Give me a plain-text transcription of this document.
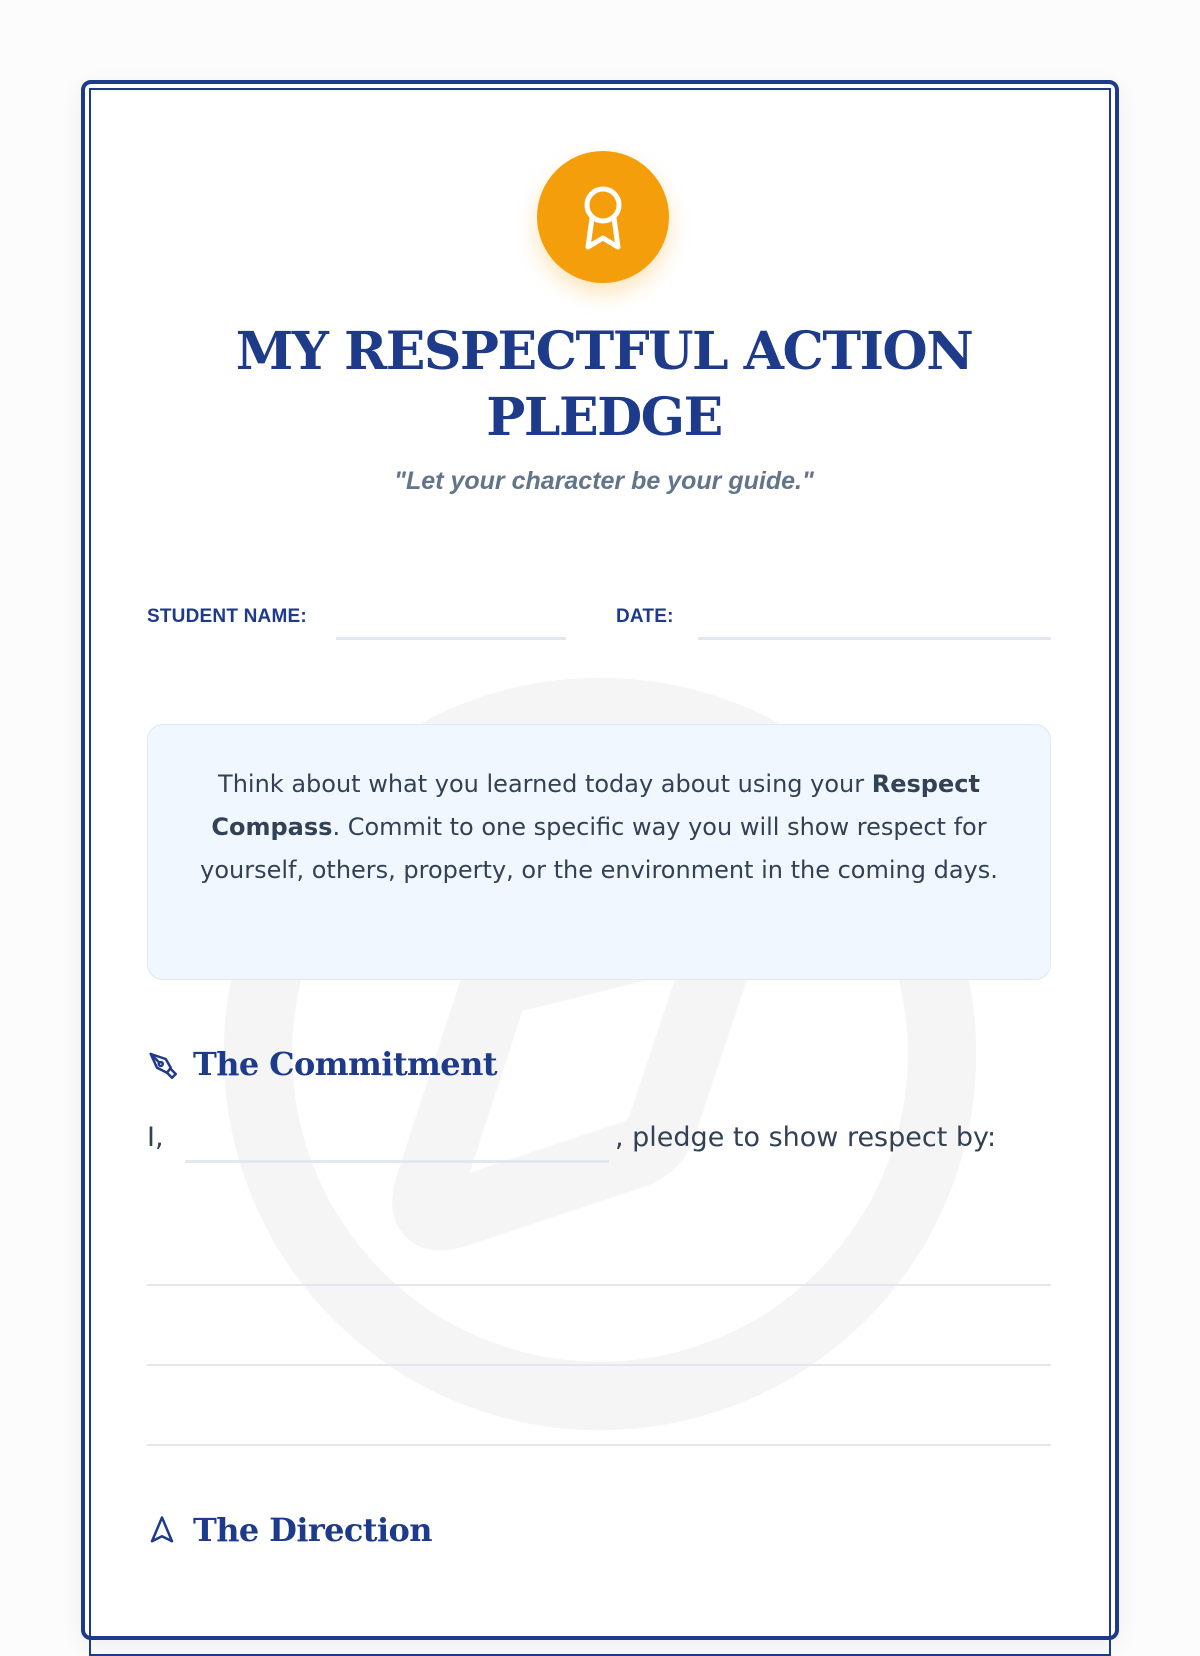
MY RESPECTFUL ACTION PLEDGE
"Let your character be your guide."
STUDENT NAME:	DATE:
Think about what you learned today about using your Respect Compass. Commit to one specific way you will show respect for yourself, others, property, or the environment in the coming days.
The Commitment
I,	, pledge to show respect by:
The Direction
